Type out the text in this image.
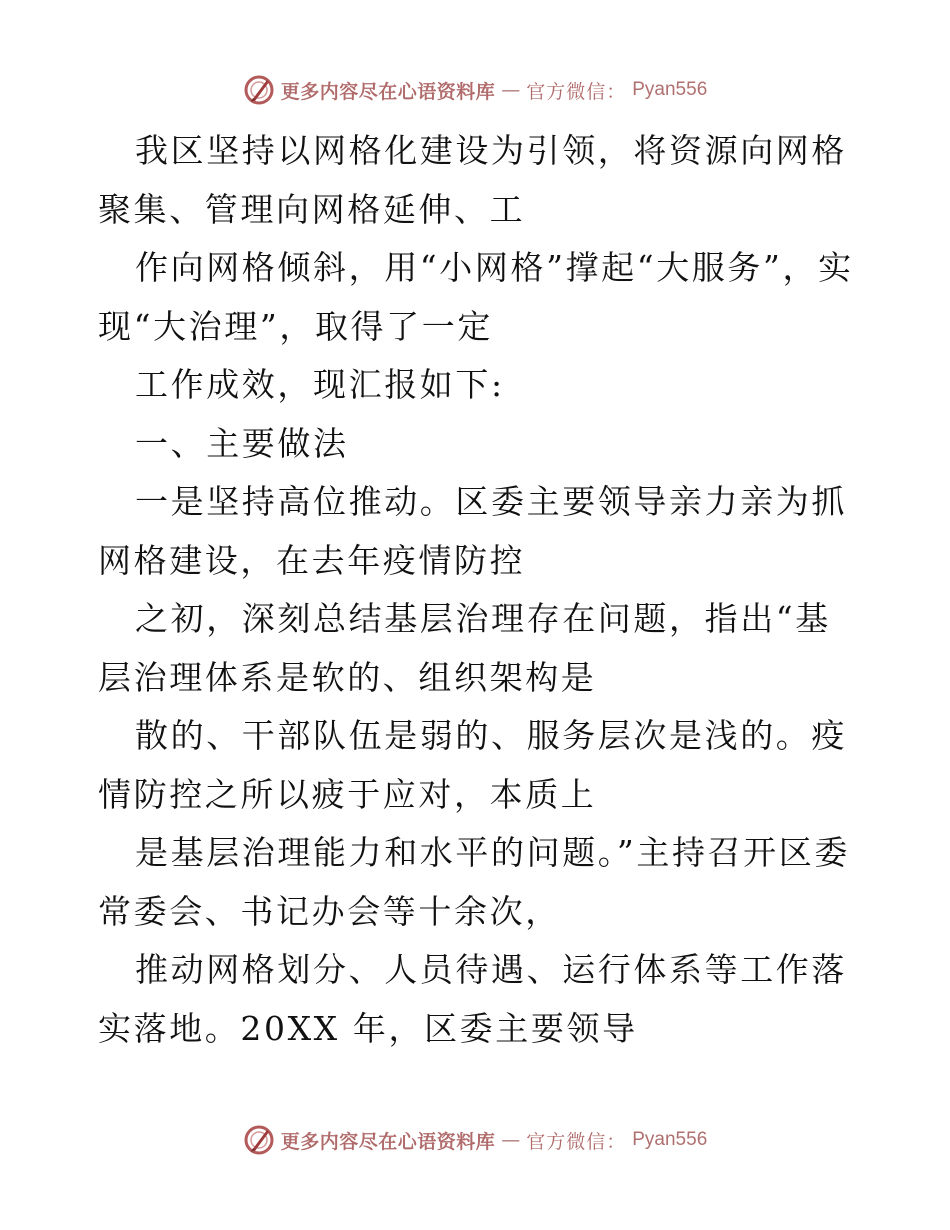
更多内容尽在心语资料库 — 官方微信： Pyan556

我区坚持以网格化建设为引领，将资源向网格聚集、管理向网格延伸、工

作向网格倾斜，用“小网格”撑起“大服务”，实现“大治理”，取得了一定

工作成效，现汇报如下:

一、主要做法

一是坚持高位推动。区委主要领导亲力亲为抓网格建设，在去年疫情防控

之初，深刻总结基层治理存在问题，指出“基层治理体系是软的、组织架构是

散的、干部队伍是弱的、服务层次是浅的。疫情防控之所以疲于应对，本质上

是基层治理能力和水平的问题。”主持召开区委常委会、书记办会等十余次，

推动网格划分、人员待遇、运行体系等工作落实落地。20XX 年，区委主要领导

更多内容尽在心语资料库 — 官方微信： Pyan556
